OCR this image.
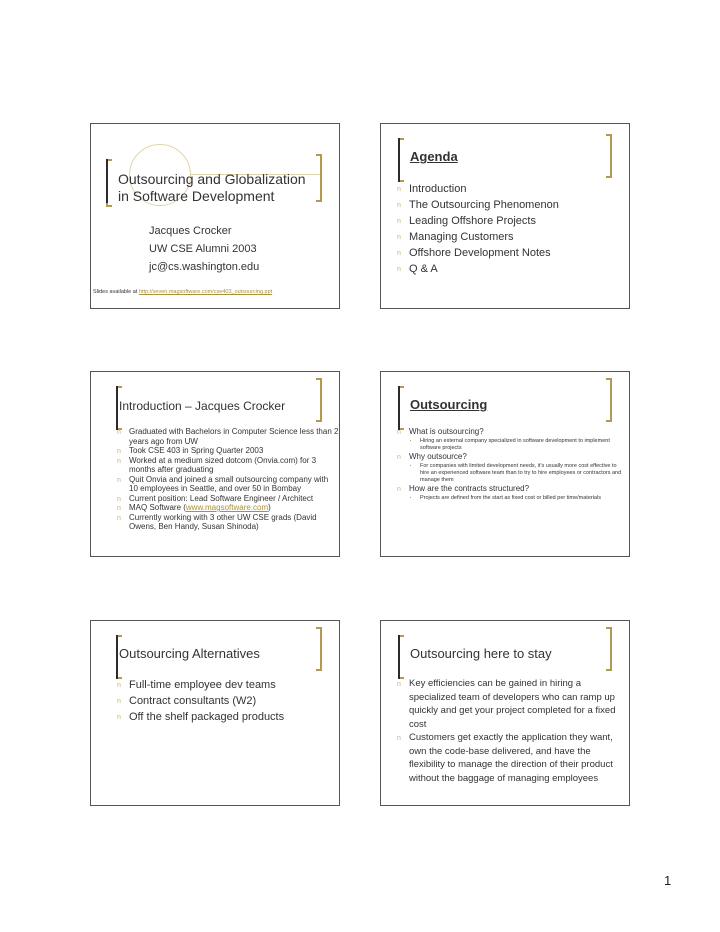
Outsourcing and Globalization
in Software Development
Jacques Crocker
UW CSE Alumni 2003
jc@cs.washington.edu
Slides available at http://seven.magsoftware.com/cse403_outsourcing.ppt
Agenda
n Introduction
n The Outsourcing Phenomenon
n Leading Offshore Projects
n Managing Customers
n Offshore Development Notes
n Q & A
Introduction – Jacques Crocker
n Graduated with Bachelors in Computer Science less than 2 years ago from UW
n Took CSE 403 in Spring Quarter 2003
n Worked at a medium sized dotcom (Onvia.com) for 3 months after graduating
n Quit Onvia and joined a small outsourcing company with 10 employees in Seattle, and over 50 in Bombay
n Current position: Lead Software Engineer / Architect
n MAQ Software (www.magsoftware.com)
n Currently working with 3 other UW CSE grads (David Owens, Ben Handy, Susan Shinoda)
Outsourcing
n What is outsourcing?
· Hiring an external company specialized in software development to implement software projects
n Why outsource?
· For companies with limited development needs, it's usually more cost effective to hire an experienced software team than to try to hire employees or contractors and manage them
n How are the contracts structured?
· Projects are defined from the start as fixed cost or billed per time/materials
Outsourcing Alternatives
n Full-time employee dev teams
n Contract consultants (W2)
n Off the shelf packaged products
Outsourcing here to stay
n Key efficiencies can be gained in hiring a specialized team of developers who can ramp up quickly and get your project completed for a fixed cost
n Customers get exactly the application they want, own the code-base delivered, and have the flexibility to manage the direction of their product without the baggage of managing employees
1
